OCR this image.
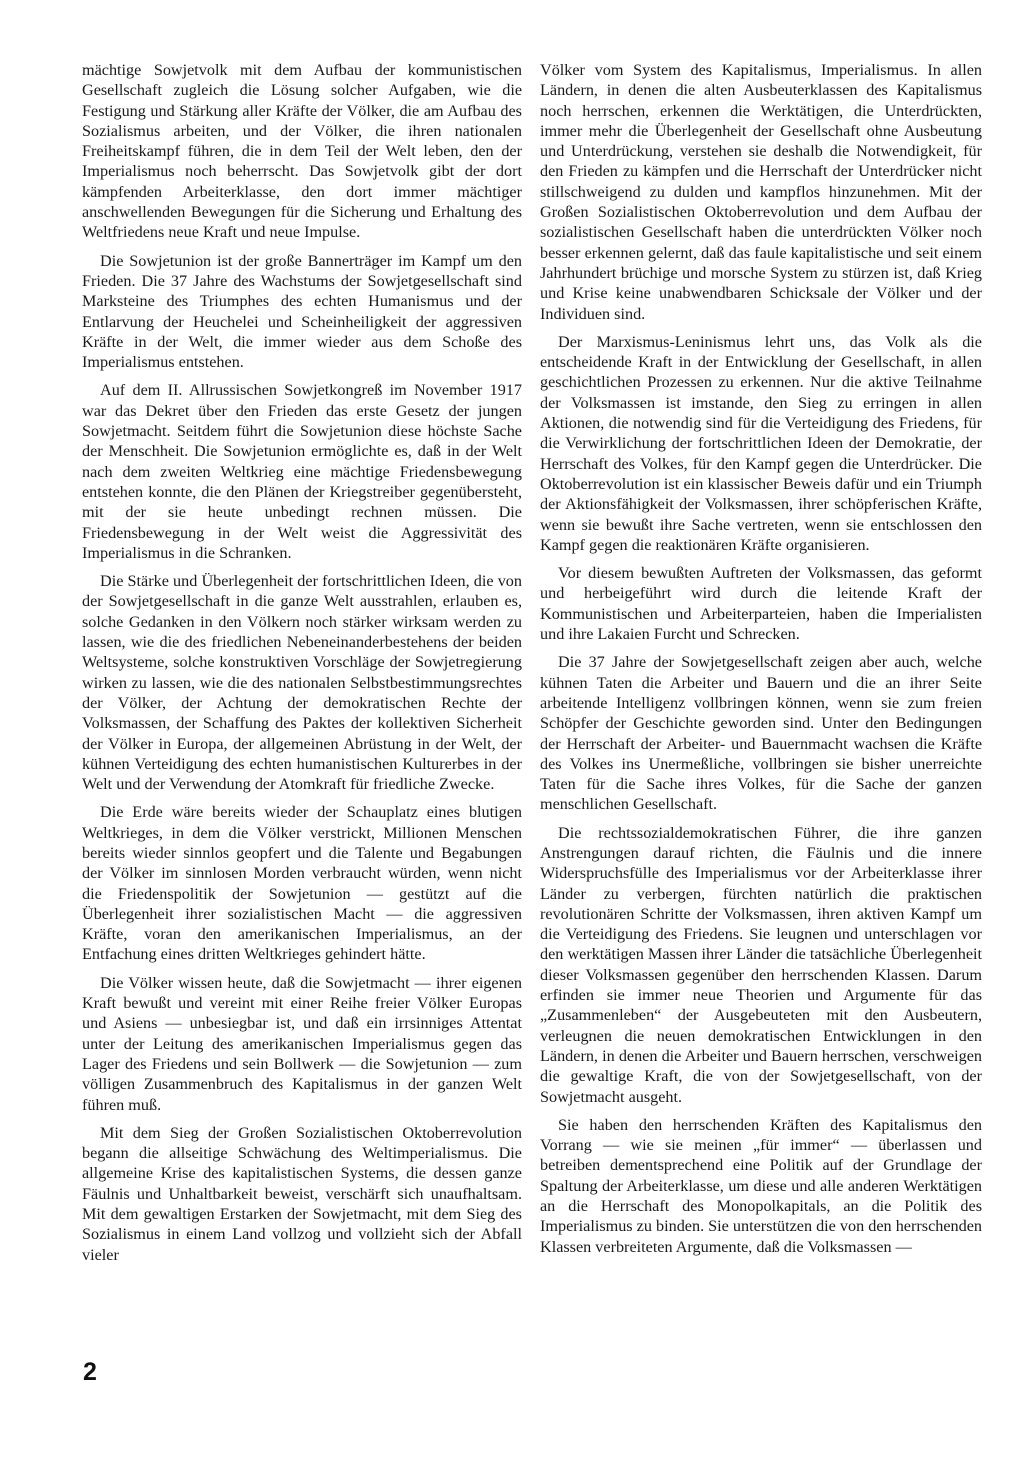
mächtige Sowjetvolk mit dem Aufbau der kommunistischen Gesellschaft zugleich die Lösung solcher Aufgaben, wie die Festigung und Stärkung aller Kräfte der Völker, die am Aufbau des Sozialismus arbeiten, und der Völker, die ihren nationalen Freiheitskampf führen, die in dem Teil der Welt leben, den der Imperialismus noch beherrscht. Das Sowjetvolk gibt der dort kämpfenden Arbeiterklasse, den dort immer mächtiger anschwellenden Bewegungen für die Sicherung und Erhaltung des Weltfriedens neue Kraft und neue Impulse.

Die Sowjetunion ist der große Bannerträger im Kampf um den Frieden. Die 37 Jahre des Wachstums der Sowjetgesellschaft sind Marksteine des Triumphes des echten Humanismus und der Entlarvung der Heuchelei und Scheinheiligkeit der aggressiven Kräfte in der Welt, die immer wieder aus dem Schoße des Imperialismus entstehen.

Auf dem II. Allrussischen Sowjetkongreß im November 1917 war das Dekret über den Frieden das erste Gesetz der jungen Sowjetmacht. Seitdem führt die Sowjetunion diese höchste Sache der Menschheit. Die Sowjetunion ermöglichte es, daß in der Welt nach dem zweiten Weltkrieg eine mächtige Friedensbewegung entstehen konnte, die den Plänen der Kriegstreiber gegenübersteht, mit der sie heute unbedingt rechnen müssen. Die Friedensbewegung in der Welt weist die Aggressivität des Imperialismus in die Schranken.

Die Stärke und Überlegenheit der fortschrittlichen Ideen, die von der Sowjetgesellschaft in die ganze Welt ausstrahlen, erlauben es, solche Gedanken in den Völkern noch stärker wirksam werden zu lassen, wie die des friedlichen Nebeneinanderbestehens der beiden Weltsysteme, solche konstruktiven Vorschläge der Sowjetregierung wirken zu lassen, wie die des nationalen Selbstbestimmungsrechtes der Völker, der Achtung der demokratischen Rechte der Volksmassen, der Schaffung des Paktes der kollektiven Sicherheit der Völker in Europa, der allgemeinen Abrüstung in der Welt, der kühnen Verteidigung des echten humanistischen Kulturerbes in der Welt und der Verwendung der Atomkraft für friedliche Zwecke.

Die Erde wäre bereits wieder der Schauplatz eines blutigen Weltkrieges, in dem die Völker verstrickt, Millionen Menschen bereits wieder sinnlos geopfert und die Talente und Begabungen der Völker im sinnlosen Morden verbraucht würden, wenn nicht die Friedenspolitik der Sowjetunion — gestützt auf die Überlegenheit ihrer sozialistischen Macht — die aggressiven Kräfte, voran den amerikanischen Imperialismus, an der Entfachung eines dritten Weltkrieges gehindert hätte.

Die Völker wissen heute, daß die Sowjetmacht — ihrer eigenen Kraft bewußt und vereint mit einer Reihe freier Völker Europas und Asiens — unbesiegbar ist, und daß ein irrsinniges Attentat unter der Leitung des amerikanischen Imperialismus gegen das Lager des Friedens und sein Bollwerk — die Sowjetunion — zum völligen Zusammenbruch des Kapitalismus in der ganzen Welt führen muß.

Mit dem Sieg der Großen Sozialistischen Oktoberrevolution begann die allseitige Schwächung des Weltimperialismus. Die allgemeine Krise des kapitalistischen Systems, die dessen ganze Fäulnis und Unhaltbarkeit beweist, verschärft sich unaufhaltsam. Mit dem gewaltigen Erstarken der Sowjetmacht, mit dem Sieg des Sozialismus in einem Land vollzog und vollzieht sich der Abfall vieler

Völker vom System des Kapitalismus, Imperialismus. In allen Ländern, in denen die alten Ausbeuterklassen des Kapitalismus noch herrschen, erkennen die Werktätigen, die Unterdrückten, immer mehr die Überlegenheit der Gesellschaft ohne Ausbeutung und Unterdrückung, verstehen sie deshalb die Notwendigkeit, für den Frieden zu kämpfen und die Herrschaft der Unterdrücker nicht stillschweigend zu dulden und kampflos hinzunehmen. Mit der Großen Sozialistischen Oktoberrevolution und dem Aufbau der sozialistischen Gesellschaft haben die unterdrückten Völker noch besser erkennen gelernt, daß das faule kapitalistische und seit einem Jahrhundert brüchige und morsche System zu stürzen ist, daß Krieg und Krise keine unabwendbaren Schicksale der Völker und der Individuen sind.

Der Marxismus-Leninismus lehrt uns, das Volk als die entscheidende Kraft in der Entwicklung der Gesellschaft, in allen geschichtlichen Prozessen zu erkennen. Nur die aktive Teilnahme der Volksmassen ist imstande, den Sieg zu erringen in allen Aktionen, die notwendig sind für die Verteidigung des Friedens, für die Verwirklichung der fortschrittlichen Ideen der Demokratie, der Herrschaft des Volkes, für den Kampf gegen die Unterdrücker. Die Oktoberrevolution ist ein klassischer Beweis dafür und ein Triumph der Aktionsfähigkeit der Volksmassen, ihrer schöpferischen Kräfte, wenn sie bewußt ihre Sache vertreten, wenn sie entschlossen den Kampf gegen die reaktionären Kräfte organisieren.

Vor diesem bewußten Auftreten der Volksmassen, das geformt und herbeigeführt wird durch die leitende Kraft der Kommunistischen und Arbeiterparteien, haben die Imperialisten und ihre Lakaien Furcht und Schrecken.

Die 37 Jahre der Sowjetgesellschaft zeigen aber auch, welche kühnen Taten die Arbeiter und Bauern und die an ihrer Seite arbeitende Intelligenz vollbringen können, wenn sie zum freien Schöpfer der Geschichte geworden sind. Unter den Bedingungen der Herrschaft der Arbeiter- und Bauernmacht wachsen die Kräfte des Volkes ins Unermeßliche, vollbringen sie bisher unerreichte Taten für die Sache ihres Volkes, für die Sache der ganzen menschlichen Gesellschaft.

Die rechtssozialdemokratischen Führer, die ihre ganzen Anstrengungen darauf richten, die Fäulnis und die innere Widerspruchsfülle des Imperialismus vor der Arbeiterklasse ihrer Länder zu verbergen, fürchten natürlich die praktischen revolutionären Schritte der Volksmassen, ihren aktiven Kampf um die Verteidigung des Friedens. Sie leugnen und unterschlagen vor den werktätigen Massen ihrer Länder die tatsächliche Überlegenheit dieser Volksmassen gegenüber den herrschenden Klassen. Darum erfinden sie immer neue Theorien und Argumente für das „Zusammenleben“ der Ausgebeuteten mit den Ausbeutern, verleugnen die neuen demokratischen Entwicklungen in den Ländern, in denen die Arbeiter und Bauern herrschen, verschweigen die gewaltige Kraft, die von der Sowjetgesellschaft, von der Sowjetmacht ausgeht.

Sie haben den herrschenden Kräften des Kapitalismus den Vorrang — wie sie meinen „für immer“ — überlassen und betreiben dementsprechend eine Politik auf der Grundlage der Spaltung der Arbeiterklasse, um diese und alle anderen Werktätigen an die Herrschaft des Monopolkapitals, an die Politik des Imperialismus zu binden. Sie unterstützen die von den herrschenden Klassen verbreiteten Argumente, daß die Volksmassen —

2
